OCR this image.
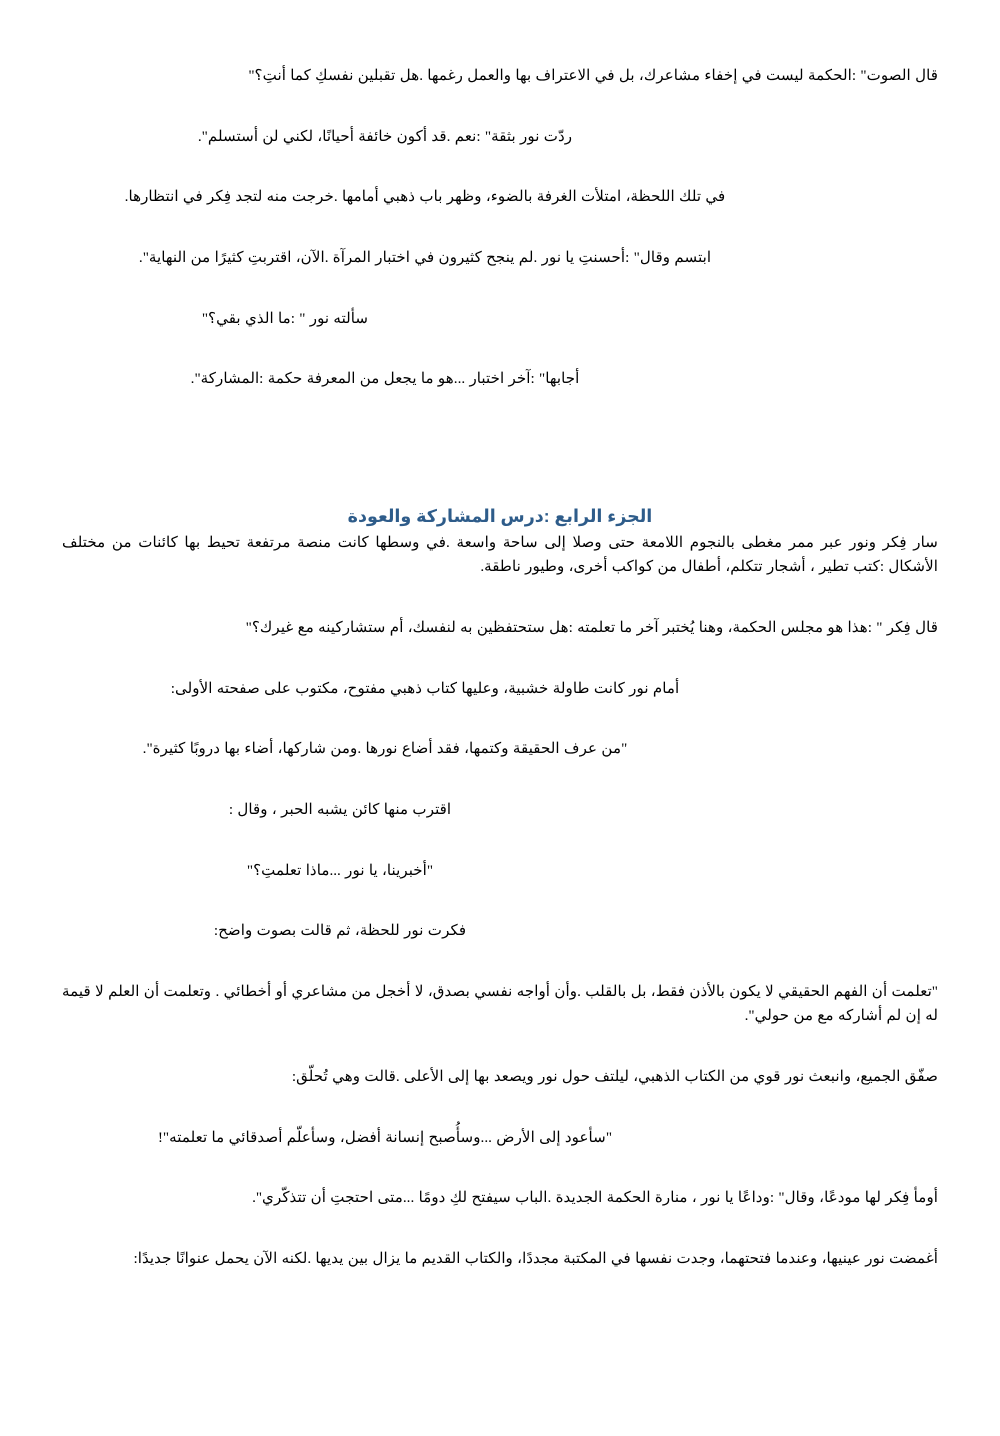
قال الصوت" :الحكمة ليست في إخفاء مشاعرك، بل في الاعتراف بها والعمل رغمها .هل تقبلين نفسكِ كما أنتِ؟"

ردّت نور بثقة" :نعم .قد أكون خائفة أحيانًا، لكني لن أستسلم".

في تلك اللحظة، امتلأت الغرفة بالضوء، وظهر باب ذهبي أمامها .خرجت منه لتجد فِكر في انتظارها.

ابتسم وقال" :أحسنتِ يا نور .لم ينجح كثيرون في اختبار المرآة .الآن، اقتربتِ كثيرًا من النهاية".

سألته نور " :ما الذي بقي؟"

أجابها" :آخر اختبار ...هو ما يجعل من المعرفة حكمة :المشاركة".

الجزء الرابع :درس المشاركة والعودة

سار فِكر ونور عبر ممر مغطى بالنجوم اللامعة حتى وصلا إلى ساحة واسعة .في وسطها كانت منصة مرتفعة تحيط بها كائنات من مختلف الأشكال :كتب تطير ، أشجار تتكلم، أطفال من كواكب أخرى، وطيور ناطقة.

قال فِكر " :هذا هو مجلس الحكمة، وهنا يُختبر آخر ما تعلمته :هل ستحتفظين به لنفسك، أم ستشاركينه مع غيرك؟"

أمام نور كانت طاولة خشبية، وعليها كتاب ذهبي مفتوح، مكتوب على صفحته الأولى:

"من عرف الحقيقة وكتمها، فقد أضاع نورها .ومن شاركها، أضاء بها دروبًا كثيرة".

اقترب منها كائن يشبه الحبر ، وقال :

"أخبرينا، يا نور ...ماذا تعلمتِ؟"

فكرت نور للحظة، ثم قالت بصوت واضح:

"تعلمت أن الفهم الحقيقي لا يكون بالأذن فقط، بل بالقلب .وأن أواجه نفسي بصدق، لا أخجل من مشاعري أو أخطائي . وتعلمت أن العلم لا قيمة له إن لم أشاركه مع من حولي".

صفّق الجميع، وانبعث نور قوي من الكتاب الذهبي، ليلتف حول نور ويصعد بها إلى الأعلى .قالت وهي تُحلّق:

"سأعود إلى الأرض ...وسأُصبح إنسانة أفضل، وسأعلّم أصدقائي ما تعلمته"!

أومأ فِكر لها مودعًا، وقال" :وداعًا يا نور ، منارة الحكمة الجديدة .الباب سيفتح لكِ دومًا ...متى احتجتِ أن تتذكّري".

أغمضت نور عينيها، وعندما فتحتهما، وجدت نفسها في المكتبة مجددًا، والكتاب القديم ما يزال بين يديها .لكنه الآن يحمل عنوانًا جديدًا:
